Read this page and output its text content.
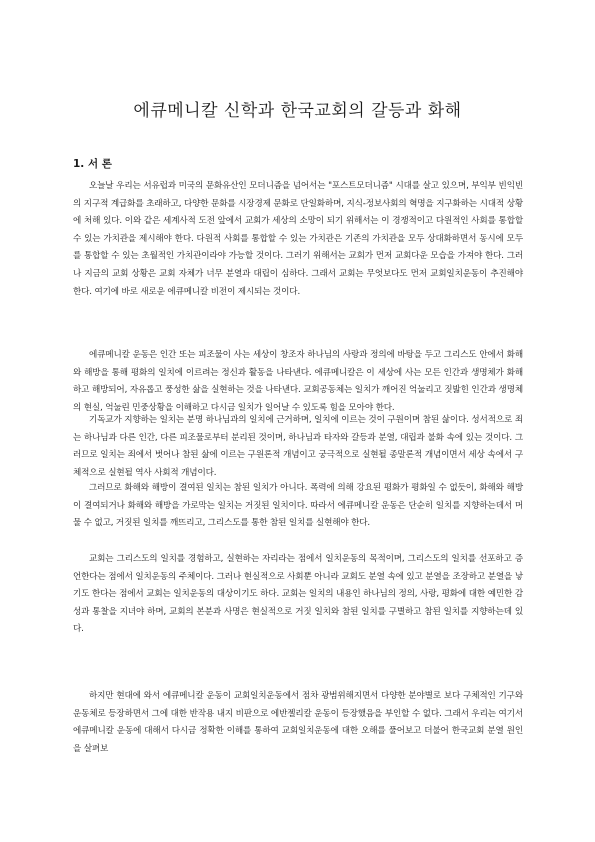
에큐메니칼 신학과 한국교회의 갈등과 화해
1. 서 론

오늘날 우리는 서유럽과 미국의 문화유산인 모더니즘을 넘어서는 "포스트모더니즘" 시대를 살고 있으며, 부익부 빈익빈의 지구적 계급화를 초래하고, 다양한 문화를 시장경제 문화로 단일화하며, 지식-정보사회의 혁명을 지구화하는 시대적 상황에 처해 있다. 이와 같은 세계사적 도전 앞에서 교회가 세상의 소망이 되기 위해서는 이 경쟁적이고 다원적인 사회를 통합할 수 있는 가치관을 제시해야 한다. 다원적 사회를 통합할 수 있는 가치관은 기존의 가치관을 모두 상대화하면서 동시에 모두를 통합할 수 있는 초월적인 가치관이라야 가능할 것이다. 그러기 위해서는 교회가 먼저 교회다운 모습을 가져야 한다. 그러나 지금의 교회 상황은 교회 자체가 너무 분열과 대립이 심하다. 그래서 교회는 무엇보다도 먼저 교회일치운동이 추진해야 한다. 여기에 바로 새로운 에큐메니칼 비전이 제시되는 것이다.

에큐메니칼 운동은 인간 또는 피조물이 사는 세상이 창조자 하나님의 사랑과 정의에 바탕을 두고 그리스도 안에서 화해와 해방을 통해 평화의 일치에 이르려는 정신과 활동을 나타낸다. 에큐메니칼은 이 세상에 사는 모든 인간과 생명체가 화해하고 해방되어, 자유롭고 풍성한 삶을 실현하는 것을 나타낸다. 교회공동체는 일치가 깨어진 억눌리고 짓밟힌 인간과 생명체의 현실, 억눌린 민중상황을 이해하고 다시금 일치가 일어날 수 있도록 힘을 모아야 한다.

기독교가 지향하는 일치는 분명 하나님과의 일치에 근거하며, 일치에 이르는 것이 구원이며 참된 삶이다. 성서적으로 죄는 하나님과 다른 인간, 다른 피조물로부터 분리된 것이며, 하나님과 타자와 갈등과 분열, 대립과 불화 속에 있는 것이다. 그러므로 일치는 죄에서 벗어나 참된 삶에 이르는 구원론적 개념이고 궁극적으로 실현될 종말론적 개념이면서 세상 속에서 구체적으로 실현될 역사 사회적 개념이다.

그러므로 화해와 해방이 결여된 일치는 참된 일치가 아니다. 폭력에 의해 강요된 평화가 평화일 수 없듯이, 화해와 해방이 결여되거나 화해와 해방을 가로막는 일치는 거짓된 일치이다. 따라서 에큐메니칼 운동은 단순히 일치를 지향하는데서 머물 수 없고, 거짓된 일치를 깨뜨리고, 그리스도를 통한 참된 일치를 실현해야 한다.

교회는 그리스도의 일치를 경험하고, 실현하는 자리라는 점에서 일치운동의 목적이며, 그리스도의 일치를 선포하고 증언한다는 점에서 일치운동의 주체이다. 그러나 현실적으로 사회뿐 아니라 교회도 분열 속에 있고 분열을 조장하고 분열을 낳기도 한다는 점에서 교회는 일치운동의 대상이기도 하다. 교회는 일치의 내용인 하나님의 정의, 사랑, 평화에 대한 예민한 감성과 통찰을 지녀야 하며, 교회의 본분과 사명은 현실적으로 거짓 일치와 참된 일치를 구별하고 참된 일치를 지향하는데 있다.

하지만 현대에 와서 에큐메니칼 운동이 교회일치운동에서 점차 광범위해지면서 다양한 분야별로 보다 구체적인 기구와 운동체로 등장하면서 그에 대한 반작용 내지 비판으로 에반젤리칼 운동이 등장했음을 부인할 수 없다. 그래서 우리는 여기서 에큐메니칼 운동에 대해서 다시금 정확한 이해를 통하여 교회일치운동에 대한 오해를 풀어보고 더불어 한국교회 분열 원인을 살펴보
